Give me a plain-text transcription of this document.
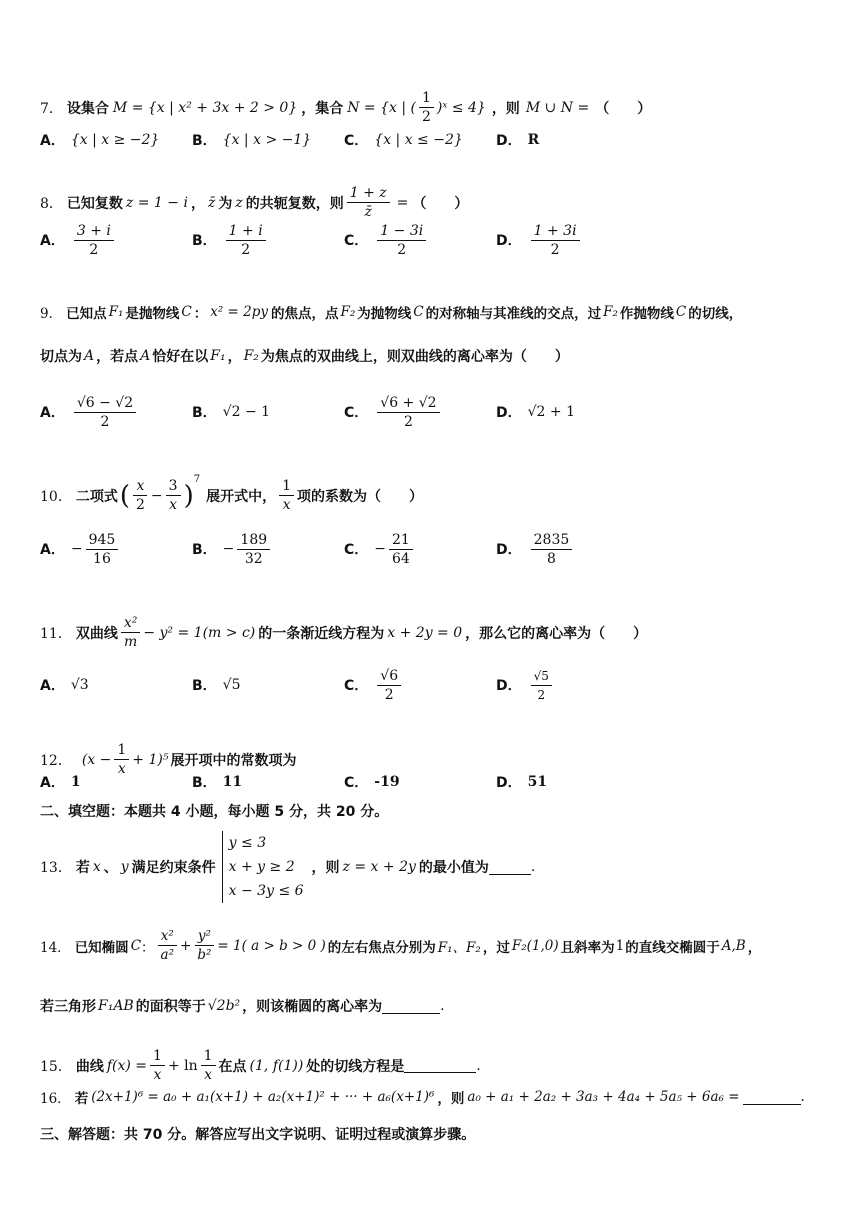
7． 设集合 M = {x | x² + 3x + 2 > 0} ，集合 N = {x | ( $\frac{1}{2}$ )ˣ ≤ 4} ，则 M ∪ N = （　　）
A． {x | x ≥ −2} B． {x | x > −1} C． {x | x ≤ −2} D． R
8． 已知复数 z = 1 − i ， z̄ 为 z 的共轭复数，则 $\frac{1 + z}{z̄}$ = （　　）
A． $\frac{3 + i}{2}$	B． $\frac{1 + i}{2}$	C． $\frac{1 - 3i}{2}$	D． $\frac{1 + 3i}{2}$
9． 已知点 F₁ 是抛物线 C ： x² = 2py 的焦点，点 F₂ 为抛物线 C 的对称轴与其准线的交点，过 F₂ 作抛物线 C 的切线，
切点为 A ，若点 A 恰好在以 F₁ ， F₂ 为焦点的双曲线上，则双曲线的离心率为（　　）
A． $\frac{√6 - √2}{2}$	B． √2 − 1	C． $\frac{√6 + √2}{2}$	D． √2 + 1
10． 二项式 ( $\frac{x}{2} - \frac{3}{x}$ )
7
展开式中， $\frac{1}{x}$ 项的系数为（　　）
A． − $\frac{945}{16}$	B． − $\frac{189}{32}$	C． − $\frac{21}{64}$	D． $\frac{2835}{8}$
11． 双曲线 $\frac{\text{x²}}{m} - y^2 = 1(m > c)$ 的一条渐近线方程为 x + 2y = 0 ，那么它的离心率为（　　）
A． √3	B． √5	C． $\frac{√6}{2}$	D． $\frac{√5}{2}$
12． $(x - \frac{1}{x} + 1)^5$ 展开项中的常数项为
A． 1	B． 11	C． -19	D． 51
二、填空题：本题共 4 小题，每小题 5 分，共 20 分。
13． 若 x 、 y 满足约束条件
y ≤ 3
x + y ≥ 2
x − 3y ≤ 6
，则 z = x + 2y 的最小值为	.
14． 已知椭圆 C ： $\frac{\text{x²}}{\text{a²}} + \frac{\text{y²}}{\text{b²}} = 1$( a > b > 0 ) 的左右焦点分别为 F₁、F₂ ，过 F₂(1,0) 且斜率为 1 的直线交椭圆于 A,B ，
若三角形 F₁AB 的面积等于 √2b² ，则该椭圆的离心率为	.
15． 曲线 $f(x) = \frac{1}{x} + \ln \frac{1}{x}$ 在点 (1, f(1)) 处的切线方程是	.
16． 若 (2x+1)⁶ = a₀ + a₁(x+1) + a₂(x+1)² + ··· + a₆(x+1)⁶ ，则 a₀ + a₁ + 2a₂ + 3a₃ + 4a₄ + 5a₅ + 6a₆ =	.
三、解答题：共 70 分。解答应写出文字说明、证明过程或演算步骤。
